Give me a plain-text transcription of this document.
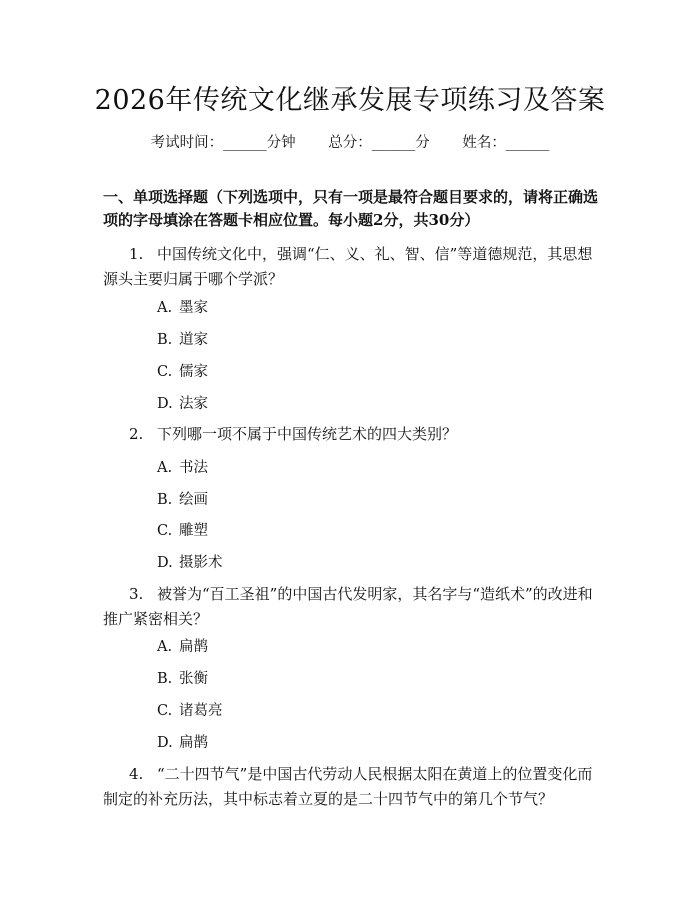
2026年传统文化继承发展专项练习及答案
考试时间：______分钟 总分：______分 姓名：______
一、单项选择题（下列选项中，只有一项是最符合题目要求的，请将正确选项的字母填涂在答题卡相应位置。每小题2分，共30分）
1. 中国传统文化中，强调“仁、义、礼、智、信”等道德规范，其思想源头主要归属于哪个学派？
A. 墨家
B. 道家
C. 儒家
D. 法家
2. 下列哪一项不属于中国传统艺术的四大类别？
A. 书法
B. 绘画
C. 雕塑
D. 摄影术
3. 被誉为“百工圣祖”的中国古代发明家，其名字与“造纸术”的改进和推广紧密相关？
A. 扁鹊
B. 张衡
C. 诸葛亮
D. 扁鹊
4. “二十四节气”是中国古代劳动人民根据太阳在黄道上的位置变化而制定的补充历法，其中标志着立夏的是二十四节气中的第几个节气？
